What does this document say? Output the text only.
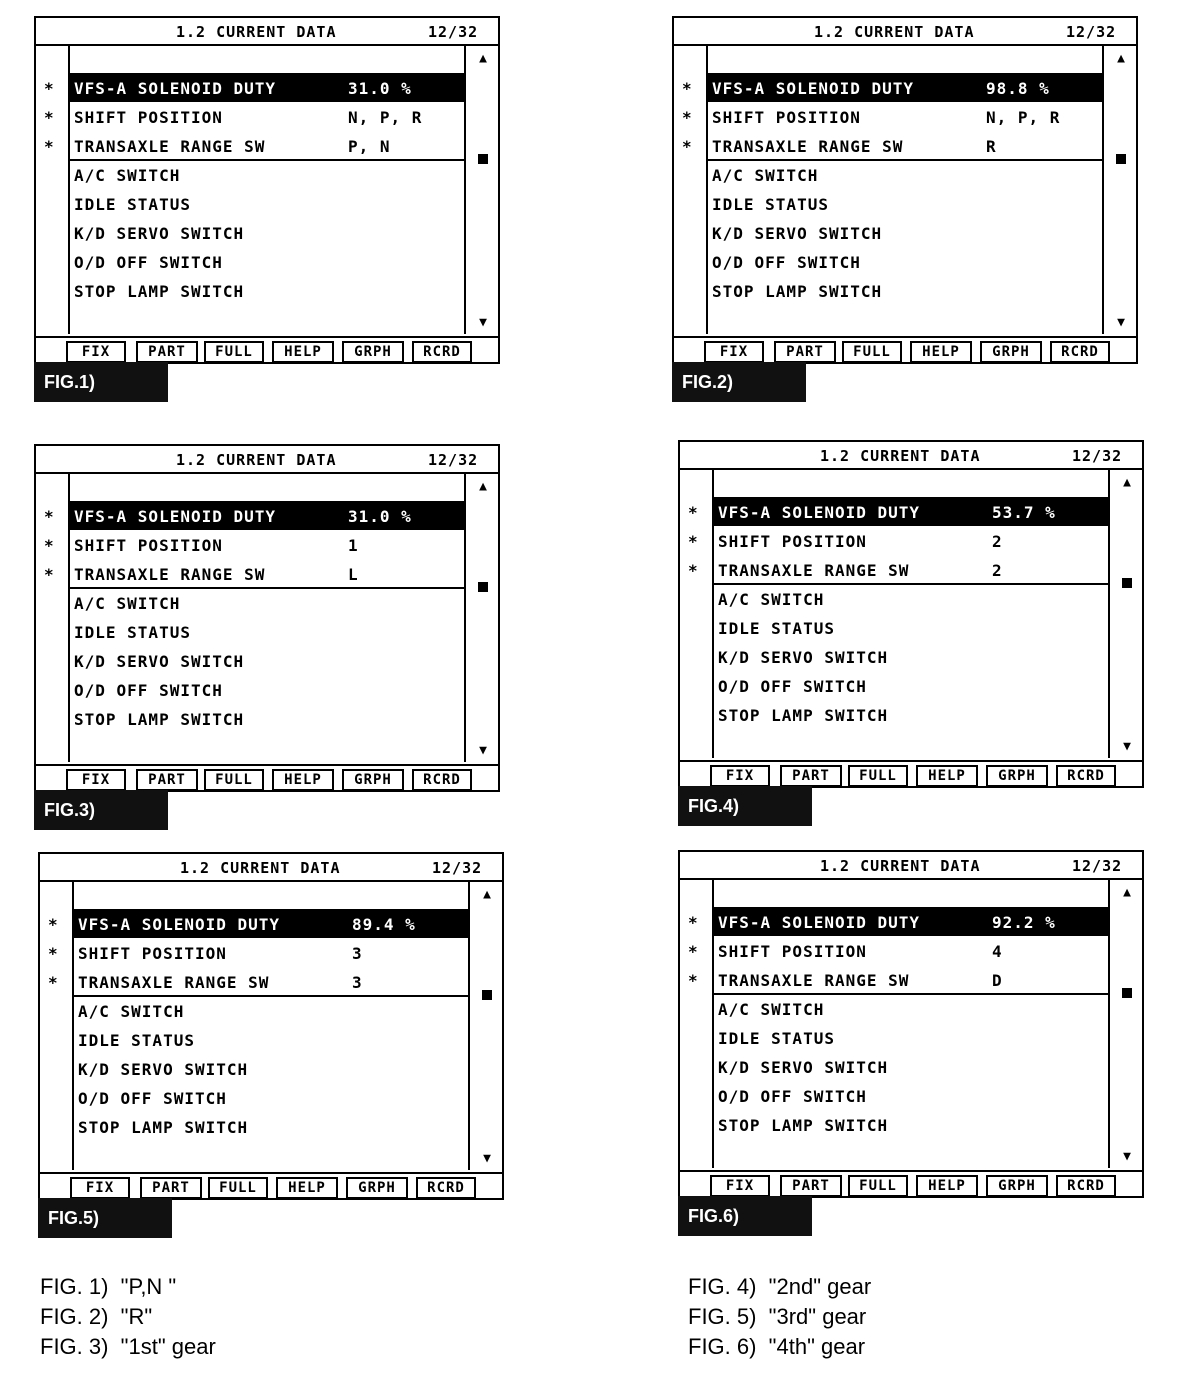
1.2 CURRENT DATA	12/32
* VFS-A SOLENOID DUTY	31.0 %
* SHIFT POSITION	N, P, R
* TRANSAXLE RANGE SW	P, N
A/C SWITCH
IDLE STATUS
K/D SERVO SWITCH
O/D OFF SWITCH
STOP LAMP SWITCH
▲
▼
FIX	PART	FULL	HELP	GRPH	RCRD
FIG.1)
1.2 CURRENT DATA	12/32
* VFS-A SOLENOID DUTY	98.8 %
* SHIFT POSITION	N, P, R
* TRANSAXLE RANGE SW	R
A/C SWITCH
IDLE STATUS
K/D SERVO SWITCH
O/D OFF SWITCH
STOP LAMP SWITCH
▲
▼
FIX	PART	FULL	HELP	GRPH	RCRD
FIG.2)
1.2 CURRENT DATA	12/32
* VFS-A SOLENOID DUTY	31.0 %
* SHIFT POSITION	1
* TRANSAXLE RANGE SW	L
A/C SWITCH
IDLE STATUS
K/D SERVO SWITCH
O/D OFF SWITCH
STOP LAMP SWITCH
▲
▼
FIX	PART	FULL	HELP	GRPH	RCRD
FIG.3)
1.2 CURRENT DATA	12/32
* VFS-A SOLENOID DUTY	53.7 %
* SHIFT POSITION	2
* TRANSAXLE RANGE SW	2
A/C SWITCH
IDLE STATUS
K/D SERVO SWITCH
O/D OFF SWITCH
STOP LAMP SWITCH
▲
▼
FIX	PART	FULL	HELP	GRPH	RCRD
FIG.4)
1.2 CURRENT DATA	12/32
* VFS-A SOLENOID DUTY	89.4 %
* SHIFT POSITION	3
* TRANSAXLE RANGE SW	3
A/C SWITCH
IDLE STATUS
K/D SERVO SWITCH
O/D OFF SWITCH
STOP LAMP SWITCH
▲
▼
FIX	PART	FULL	HELP	GRPH	RCRD
FIG.5)
1.2 CURRENT DATA	12/32
* VFS-A SOLENOID DUTY	92.2 %
* SHIFT POSITION	4
* TRANSAXLE RANGE SW	D
A/C SWITCH
IDLE STATUS
K/D SERVO SWITCH
O/D OFF SWITCH
STOP LAMP SWITCH
▲
▼
FIX	PART	FULL	HELP	GRPH	RCRD
FIG.6)
FIG. 1)  "P,N "
FIG. 2)  "R"
FIG. 3)  "1st" gear
FIG. 4)  "2nd" gear
FIG. 5)  "3rd" gear
FIG. 6)  "4th" gear
